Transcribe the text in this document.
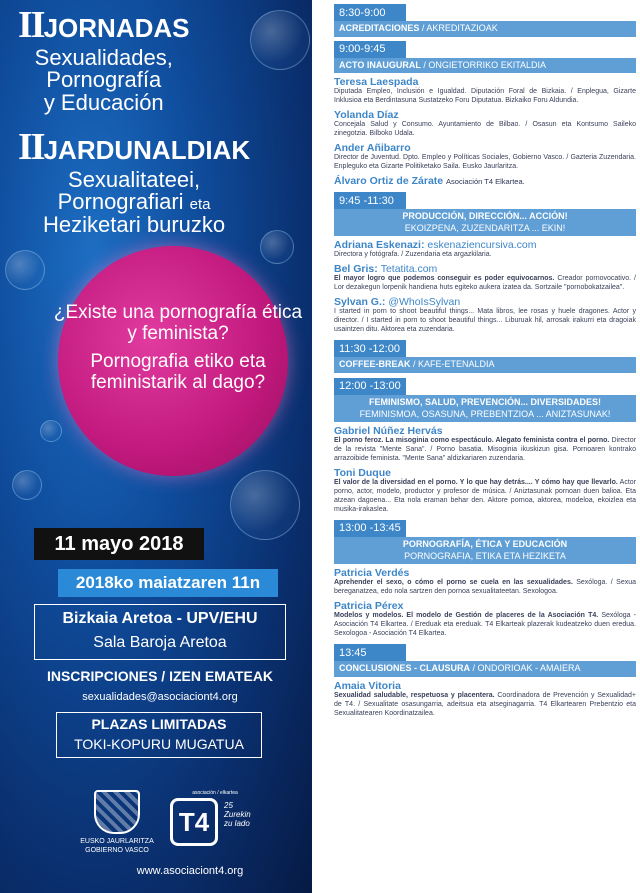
IIJORNADAS
Sexualidades,
Pornografía
y Educación
IIJARDUNALDIAK
Sexualitateei,
Pornografiari eta
Heziketari buruzko

¿Existe una pornografía ética y feminista?

Pornografia etiko eta feministarik al dago?

11 mayo 2018
2018ko maiatzaren 11n
Bizkaia Aretoa - UPV/EHU
Sala Baroja Aretoa
INSCRIPCIONES / IZEN EMATEAK
sexualidades@asociaciont4.org
PLAZAS LIMITADAS
TOKI-KOPURU MUGATUA
EUSKO JAURLARITZA
GOBIERNO VASCO
asociación / elkartea
T4
25 Zurekin zu lado
www.asociaciont4.org
8:30-9:00
ACREDITACIONES / AKREDITAZIOAK
9:00-9:45
ACTO INAUGURAL / ONGIETORRIKO EKITALDIA
Teresa Laespada
Diputada Empleo, Inclusión e Igualdad. Diputación Foral de Bizkaia. / Enplegua, Gizarte Inklusioa eta Berdintasuna Sustatzeko Foru Diputatua. Bizkaiko Foru Aldundia.
Yolanda Díaz
Concejala Salud y Consumo. Ayuntamiento de Bilbao. / Osasun eta Kontsumo Saileko zinegotzia. Bilboko Udala.
Ander Añibarro
Director de Juventud. Dpto. Empleo y Políticas Sociales, Gobierno Vasco. / Gazteria Zuzendaria. Enpleguko eta Gizarte Politiketako Saila. Eusko Jaurlaritza.
Álvaro Ortiz de Zárate Asociación T4 Elkartea.
9:45 -11:30
PRODUCCIÓN, DIRECCIÓN... ACCIÓN!
EKOIZPENA, ZUZENDARITZA ... EKIN!
Adriana Eskenazi: eskenaziencursiva.com
Directora y fotógrafa. / Zuzendaria eta argazkilaria.
Bel Gris: Tetatita.com
El mayor logro que podemos conseguir es poder equivocarnos. Creador pornovocativo. / Lor dezakegun lorpenik handiena huts egiteko aukera izatea da. Sortzaile "pornobokatzailea".
Sylvan G.: @WhoIsSylvan
I started in porn to shoot beautiful things... Mata libros, lee rosas y huele dragones. Actor y director. / I started in porn to shoot beautiful things... Liburuak hil, arrosak irakurri eta dragoiak usaintzen ditu. Aktorea eta zuzendaria.
11:30 -12:00
COFFEE-BREAK / KAFE-ETENALDIA
12:00 -13:00
FEMINISMO, SALUD, PREVENCIÓN... DIVERSIDADES!
FEMINISMOA, OSASUNA, PREBENTZIOA ... ANIZTASUNAK!
Gabriel Núñez Hervás
El porno feroz. La misoginia como espectáculo. Alegato feminista contra el porno. Director de la revista "Mente Sana". / Porno basatia. Misoginia ikuskizun gisa. Pornoaren kontrako arrazoibide feminista. "Mente Sana" aldizkariaren zuzendaria.
Toni Duque
El valor de la diversidad en el porno. Y lo que hay detrás.... Y cómo hay que llevarlo. Actor porno, actor, modelo, productor y profesor de música. / Aniztasunak pornoan duen balioa. Eta atzean dagoena... Eta nola eraman behar den. Aktore pornoa, aktorea, modeloa, ekoizlea eta musika-irakaslea.
13:00 -13:45
PORNOGRAFÍA, ÉTICA Y EDUCACIÓN
PORNOGRAFIA, ETIKA ETA HEZIKETA
Patricia Verdés
Aprehender el sexo, o cómo el porno se cuela en las sexualidades. Sexóloga. / Sexua bereganatzea, edo nola sartzen den pornoa sexualitateetan. Sexologoa.
Patricia Pérex
Modelos y modelos. El modelo de Gestión de placeres de la Asociación T4. Sexóloga - Asociación T4 Elkartea. / Ereduak eta ereduak. T4 Elkarteak plazerak kudeatzeko duen eredua. Sexologoa - Asociación T4 Elkartea.
13:45
CONCLUSIONES - CLAUSURA / ONDORIOAK - AMAIERA
Amaia Vitoria
Sexualidad saludable, respetuosa y placentera. Coordinadora de Prevención y Sexualidad+ de T4. / Sexualitate osasungarria, adeitsua eta atseginagarria. T4 Elkartearen Prebentzio eta Sexualitatearen Koordinatzailea.
